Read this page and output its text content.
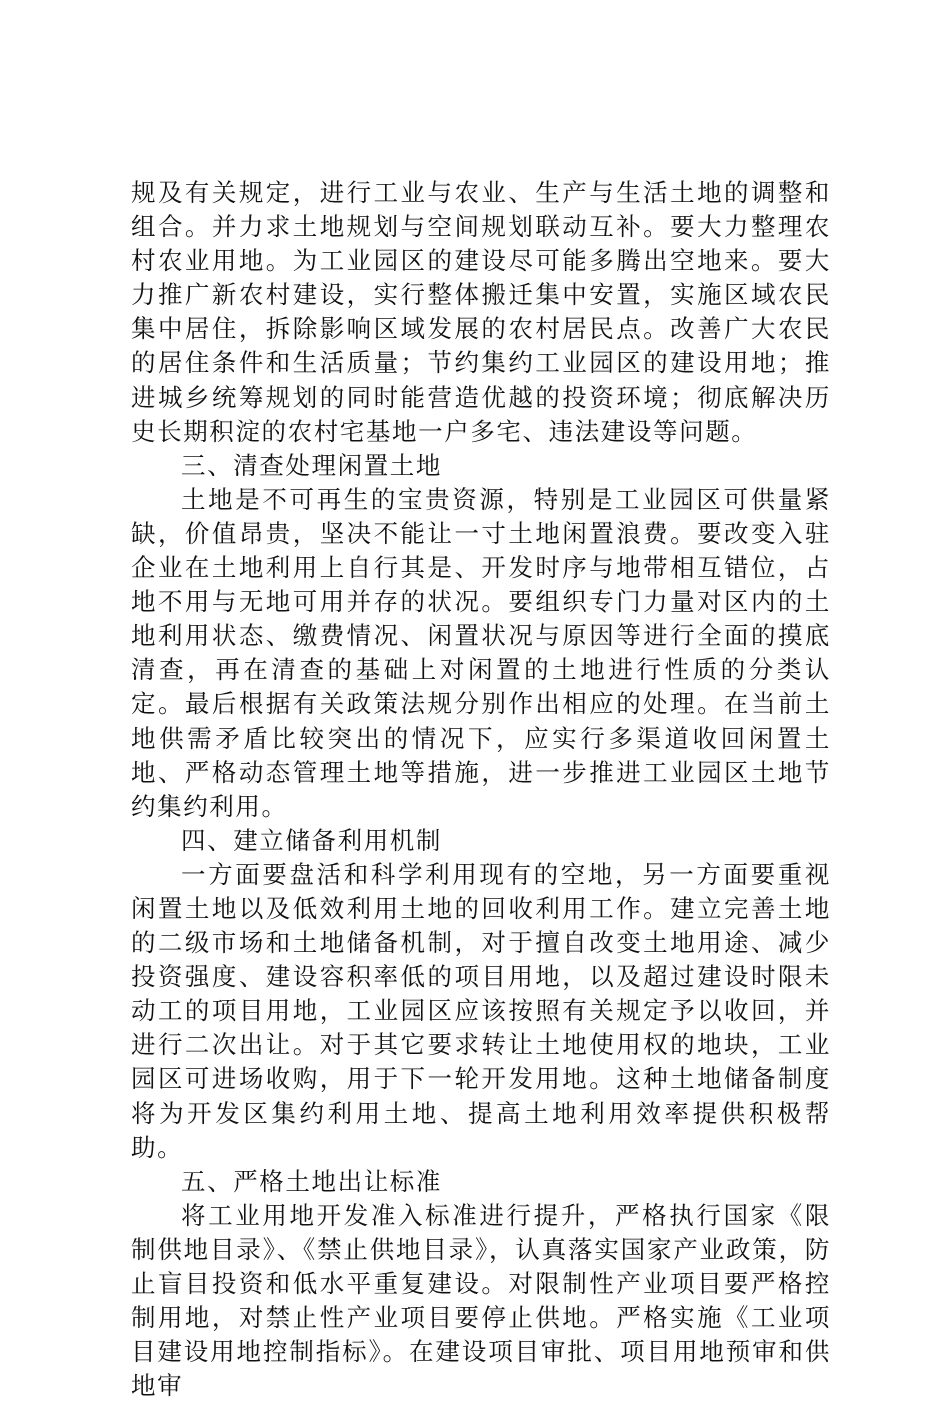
规及有关规定，进行工业与农业、生产与生活土地的调整和组合。并力求土地规划与空间规划联动互补。要大力整理农村农业用地。为工业园区的建设尽可能多腾出空地来。要大力推广新农村建设，实行整体搬迁集中安置，实施区域农民集中居住，拆除影响区域发展的农村居民点。改善广大农民的居住条件和生活质量；节约集约工业园区的建设用地；推进城乡统筹规划的同时能营造优越的投资环境；彻底解决历史长期积淀的农村宅基地一户多宅、违法建设等问题。

三、清查处理闲置土地

土地是不可再生的宝贵资源，特别是工业园区可供量紧缺，价值昂贵，坚决不能让一寸土地闲置浪费。要改变入驻企业在土地利用上自行其是、开发时序与地带相互错位，占地不用与无地可用并存的状况。要组织专门力量对区内的土地利用状态、缴费情况、闲置状况与原因等进行全面的摸底清查，再在清查的基础上对闲置的土地进行性质的分类认定。最后根据有关政策法规分别作出相应的处理。在当前土地供需矛盾比较突出的情况下，应实行多渠道收回闲置土地、严格动态管理土地等措施，进一步推进工业园区土地节约集约利用。

四、建立储备利用机制

一方面要盘活和科学利用现有的空地，另一方面要重视闲置土地以及低效利用土地的回收利用工作。建立完善土地的二级市场和土地储备机制，对于擅自改变土地用途、减少投资强度、建设容积率低的项目用地，以及超过建设时限未动工的项目用地，工业园区应该按照有关规定予以收回，并进行二次出让。对于其它要求转让土地使用权的地块，工业园区可进场收购，用于下一轮开发用地。这种土地储备制度将为开发区集约利用土地、提高土地利用效率提供积极帮助。

五、严格土地出让标准

将工业用地开发准入标准进行提升，严格执行国家《限制供地目录》、《禁止供地目录》，认真落实国家产业政策，防止盲目投资和低水平重复建设。对限制性产业项目要严格控制用地，对禁止性产业项目要停止供地。严格实施《工业项目建设用地控制指标》。在建设项目审批、项目用地预审和供地审
